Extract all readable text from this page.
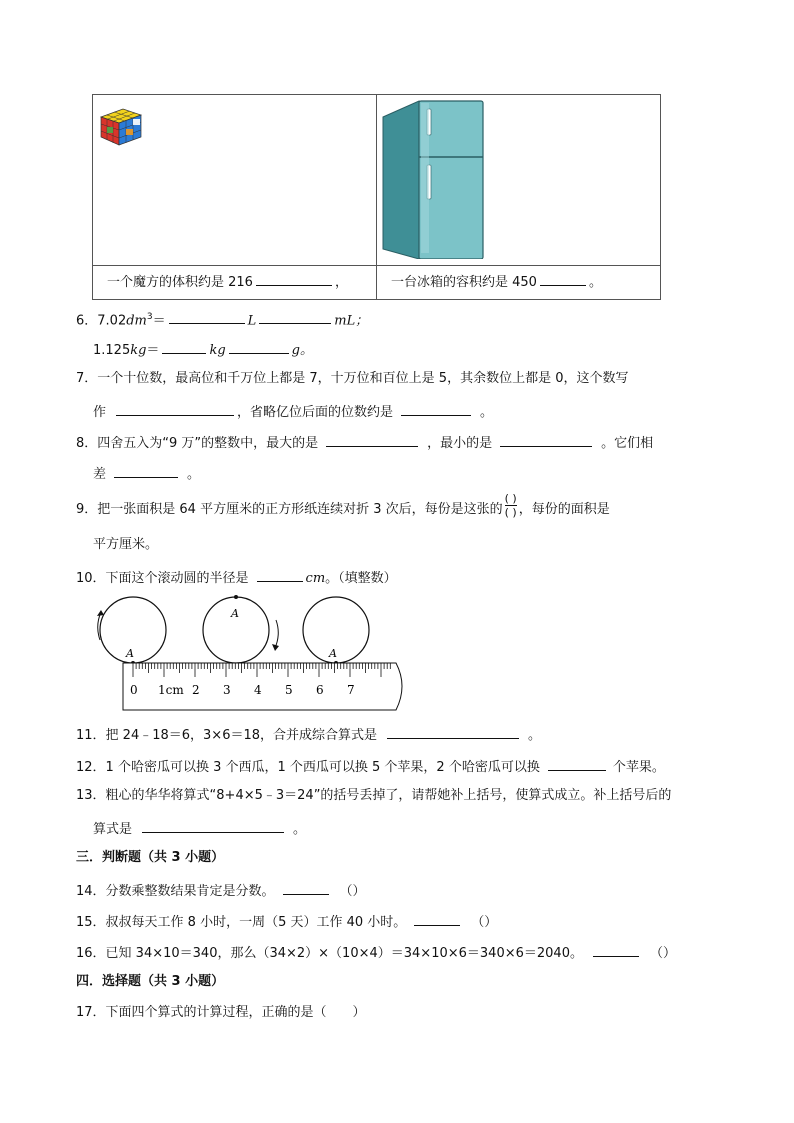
一个魔方的体积约是 216 ，	一台冰箱的容积约是 450 。
6．$7.02dm^3=$	L	mL；
1.125kg＝	kg	g。
7．一个十位数，最高位和千万位上都是 7，十万位和百位上是 5，其余数位上都是 0，这个数写
作	，省略亿位后面的位数约是	。
8．四舍五入为“9 万”的整数中，最大的是	，最小的是	。它们相
差	。
9．把一张面积是 64 平方厘米的正方形纸连续对折 3 次后，每份是这张的 $\frac{( )}{( )}$ ，每份的面积是
平方厘米。
10．下面这个滚动圆的半径是	cm。（填整数）
A
A
A
0 1cm 2 3 4 5 6 7
11．把 24﹣18＝6，3×6＝18，合并成综合算式是	。
12．1 个哈密瓜可以换 3 个西瓜，1 个西瓜可以换 5 个苹果，2 个哈密瓜可以换	个苹果。
13．粗心的华华将算式“8+4×5﹣3＝24”的括号丢掉了，请帮她补上括号，使算式成立。补上括号后的
算式是	。
三．判断题（共 3 小题）
14．分数乘整数结果肯定是分数。	（）
15．叔叔每天工作 8 小时，一周（5 天）工作 40 小时。	（）
16．已知 34×10＝340，那么（34×2）×（10×4）＝34×10×6＝340×6＝2040。	（）
四．选择题（共 3 小题）
17．下面四个算式的计算过程，正确的是（　　）
